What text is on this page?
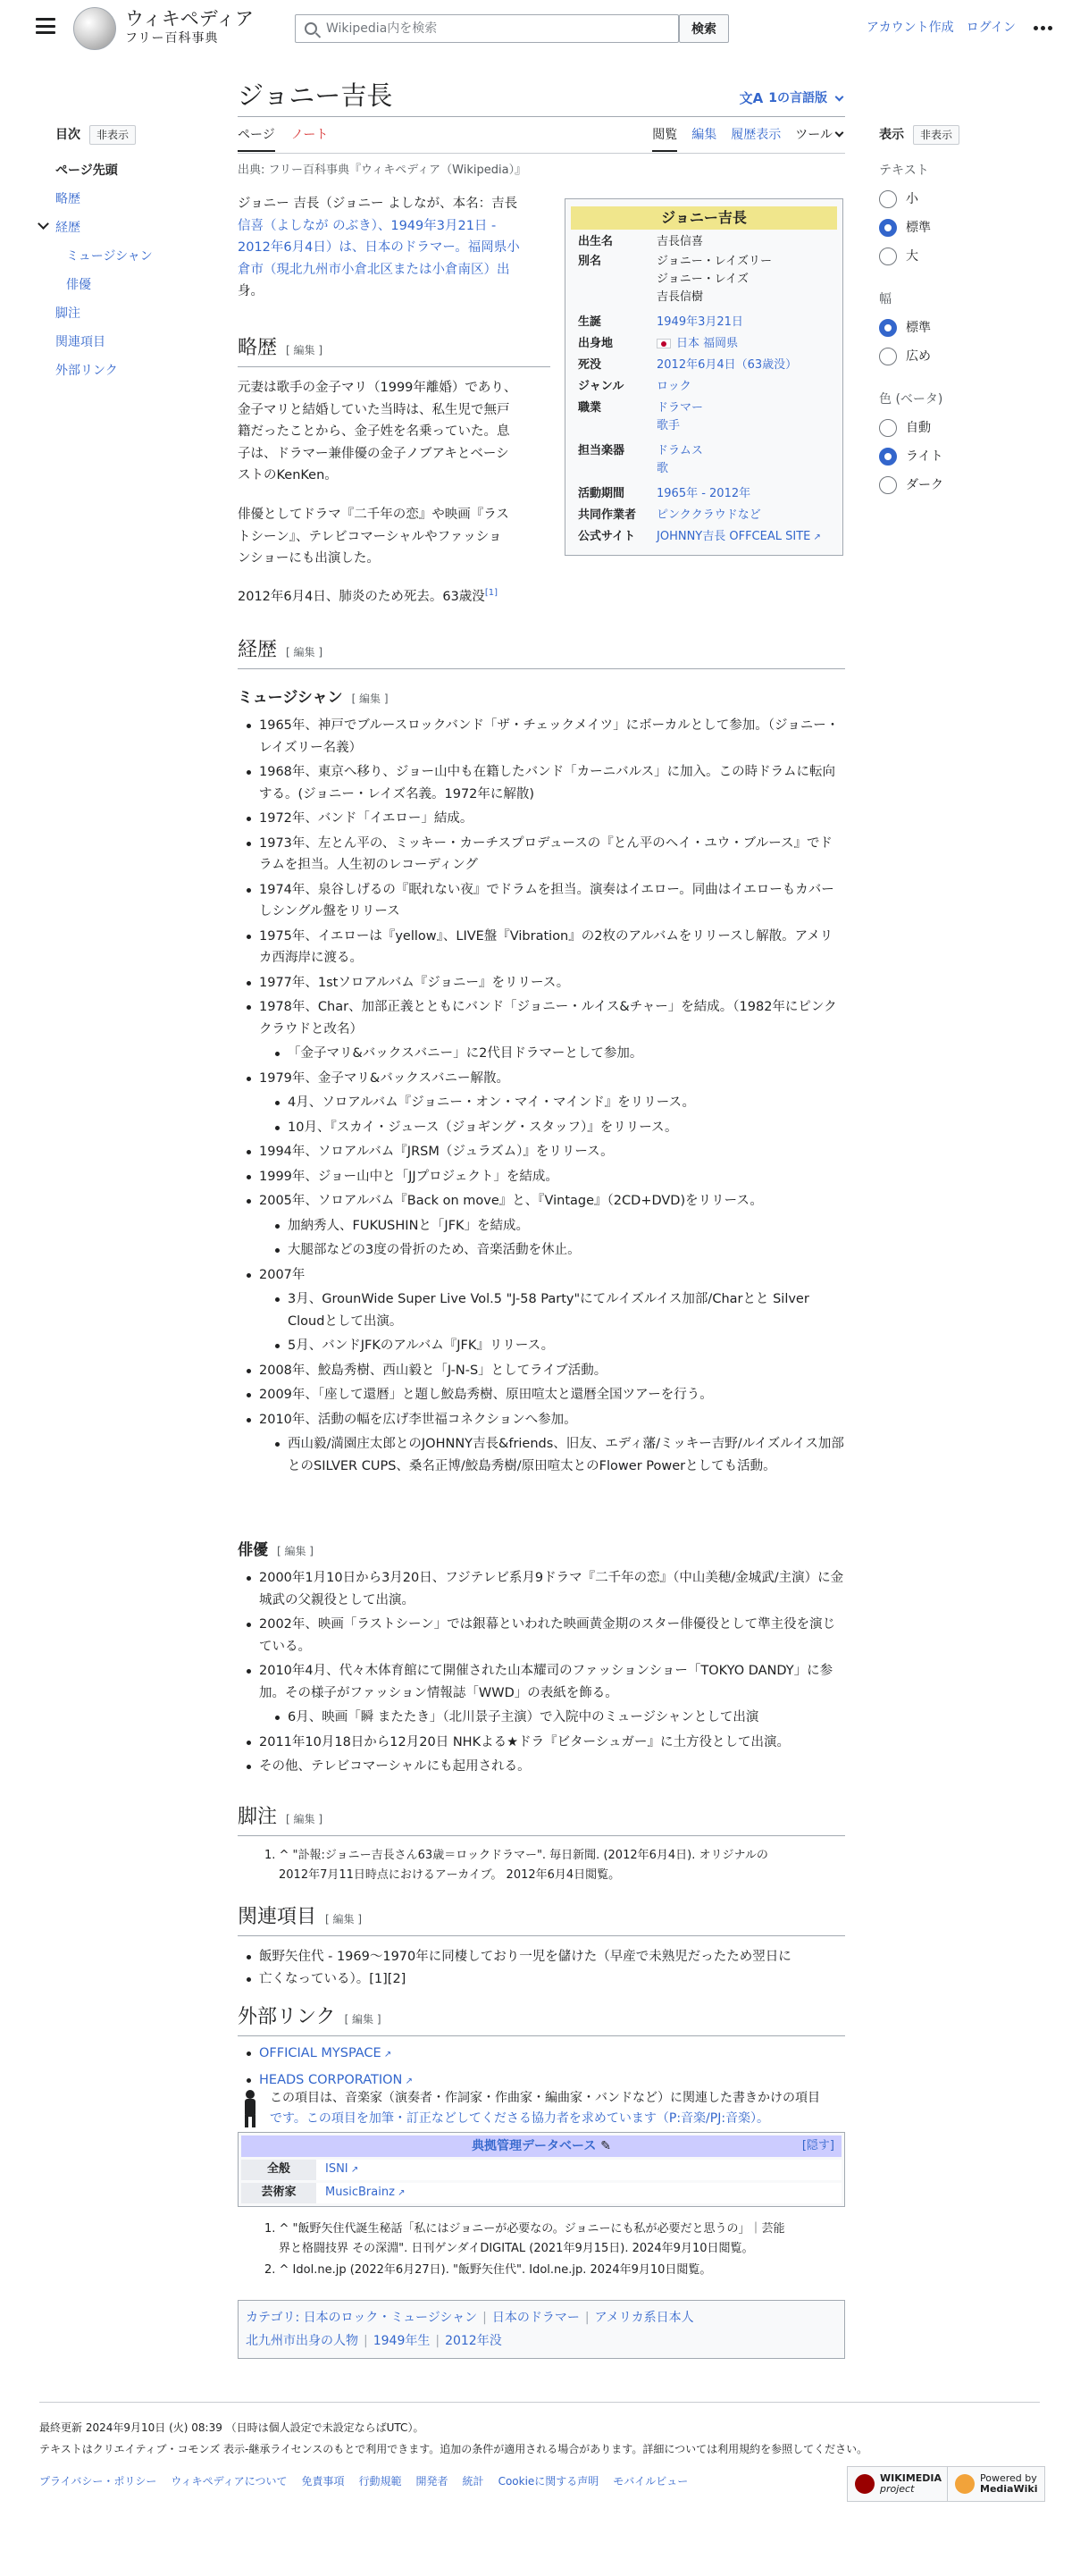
ウィキペディア
フリー百科事典
Wikipedia内を検索
検索	アカウント作成 ログイン
目次	非表示
ページ先頭
略歴
経歴
ミュージシャン
俳優
脚注
関連項目
外部リンク
表示	非表示
テキスト
小
標準
大
幅
標準
広め
色 (ベータ)
自動
ライト
ダーク
ジョニー吉長	文A 1の言語版
ページ ノート	閲覧 編集 履歴表示 ツール
出典: フリー百科事典『ウィキペディア（Wikipedia）』
ジョニー 吉長（ジョニー よしなが、本名：吉長
信喜（よしなが のぶき）、1949年3月21日 -
2012年6月4日）は、日本のドラマー。福岡県小
倉市（現北九州市小倉北区または小倉南区）出
身。
ジョニー吉長
出生名	吉長信喜
別名	ジョニー・レイズリー
ジョニー・レイズ
吉長信樹
生誕	1949年3月21日
出身地	日本 福岡県
死没	2012年6月4日（63歳没）
ジャンル	ロック
職業	ドラマー
歌手
担当楽器	ドラムス
歌
活動期間	1965年 - 2012年
共同作業者	ピンククラウドなど
公式サイト	JOHNNY吉長 OFFCEAL SITE ↗
略歴 [ 編集 ]
元妻は歌手の金子マリ（1999年離婚）であり、
金子マリと結婚していた当時は、私生児で無戸
籍だったことから、金子姓を名乗っていた。息
子は、ドラマー兼俳優の金子ノブアキとベーシ
ストのKenKen。
俳優としてドラマ『二千年の恋』や映画『ラス
トシーン』、テレビコマーシャルやファッショ
ンショーにも出演した。
2012年6月4日、肺炎のため死去。63歳没[1]
経歴 [ 編集 ]
ミュージシャン [ 編集 ]
1965年、神戸でブルースロックバンド「ザ・チェックメイツ」にボーカルとして参加。（ジョニー・レイズリー名義）
1968年、東京へ移り、ジョー山中も在籍したバンド「カーニバルス」に加入。この時ドラムに転向する。(ジョニー・レイズ名義。1972年に解散)
1972年、バンド「イエロー」結成。
1973年、左とん平の、ミッキー・カーチスプロデュースの『とん平のヘイ・ユウ・ブルース』でドラムを担当。人生初のレコーディング
1974年、泉谷しげるの『眠れない夜』でドラムを担当。演奏はイエロー。同曲はイエローもカバーしシングル盤をリリース
1975年、イエローは『yellow』、LIVE盤『Vibration』の2枚のアルバムをリリースし解散。アメリカ西海岸に渡る。
1977年、1stソロアルバム『ジョニー』をリリース。
1978年、Char、加部正義とともにバンド「ジョニー・ルイス&チャー」を結成。（1982年にピンククラウドと改名）
「金子マリ&バックスバニー」に2代目ドラマーとして参加。
1979年、金子マリ&バックスバニー解散。
4月、ソロアルバム『ジョニー・オン・マイ・マインド』をリリース。
10月、『スカイ・ジュース（ジョギング・スタッフ）』をリリース。
1994年、ソロアルバム『JRSM（ジュラズム）』をリリース。
1999年、ジョー山中と「JJプロジェクト」を結成。
2005年、ソロアルバム『Back on move』と、『Vintage』（2CD+DVD)をリリース。
加納秀人、FUKUSHINと「JFK」を結成。
大腿部などの3度の骨折のため、音楽活動を休止。
2007年
3月、GrounWide Super Live Vol.5 "J-58 Party"にてルイズルイス加部/Charとと Silver Cloudとして出演。
5月、バンドJFKのアルバム『JFK』リリース。
2008年、鮫島秀樹、西山毅と「J-N-S」としてライブ活動。
2009年、「座して還暦」と題し鮫島秀樹、原田喧太と還暦全国ツアーを行う。
2010年、活動の幅を広げ李世福コネクションへ参加。
西山毅/満園庄太郎とのJOHNNY吉長&friends、旧友、エディ藩/ミッキー吉野/ルイズルイス加部とのSILVER CUPS、桑名正博/鮫島秀樹/原田喧太とのFlower Powerとしても活動。
俳優 [ 編集 ]
2000年1月10日から3月20日、フジテレビ系月9ドラマ『二千年の恋』（中山美穂/金城武/主演）に金城武の父親役として出演。
2002年、映画「ラストシーン」では銀幕といわれた映画黄金期のスター俳優役として準主役を演じている。
2010年4月、代々木体育館にて開催された山本耀司のファッションショー「TOKYO DANDY」に参加。その様子がファッション情報誌「WWD」の表紙を飾る。
6月、映画「瞬 またたき」（北川景子主演）で入院中のミュージシャンとして出演
2011年10月18日から12月20日 NHKよる★ドラ『ビターシュガー』に土方役として出演。
その他、テレビコマーシャルにも起用される。
脚注 [ 編集 ]
1. ^ "訃報:ジョニー吉長さん63歳＝ロックドラマー". 毎日新聞. (2012年6月4日). オリジナルの
2012年7月11日時点におけるアーカイブ。 2012年6月4日閲覧。
関連項目 [ 編集 ]
飯野矢住代 - 1969〜1970年に同棲しており一児を儲けた（早産で未熟児だったため翌日に
亡くなっている）。[1][2]
外部リンク [ 編集 ]
OFFICIAL MYSPACE ↗
HEADS CORPORATION ↗
この項目は、音楽家（演奏者・作詞家・作曲家・編曲家・バンドなど）に関連した書きかけの項目
です。この項目を加筆・訂正などしてくださる協力者を求めています（P:音楽/PJ:音楽）。
典拠管理データベース ✎	[隠す]
全般	ISNI ↗
芸術家	MusicBrainz ↗
1. ^ "飯野矢住代誕生秘話「私にはジョニーが必要なの。ジョニーにも私が必要だと思うの」｜芸能
界と格闘技界 その深淵". 日刊ゲンダイDIGITAL (2021年9月15日). 2024年9月10日閲覧。
2. ^ Idol.ne.jp (2022年6月27日). "飯野矢住代". Idol.ne.jp. 2024年9月10日閲覧。
カテゴリ: 日本のロック・ミュージシャン | 日本のドラマー | アメリカ系日本人
北九州市出身の人物 | 1949年生 | 2012年没
最終更新 2024年9月10日 (火) 08:39 （日時は個人設定で未設定ならばUTC）。
テキストはクリエイティブ・コモンズ 表示-継承ライセンスのもとで利用できます。追加の条件が適用される場合があります。詳細については利用規約を参照してください。
プライバシー・ポリシー ウィキペディアについて 免責事項 行動規範 開発者 統計 Cookieに関する声明 モバイルビュー	WIKIMEDIA
project
Powered by
MediaWiki
